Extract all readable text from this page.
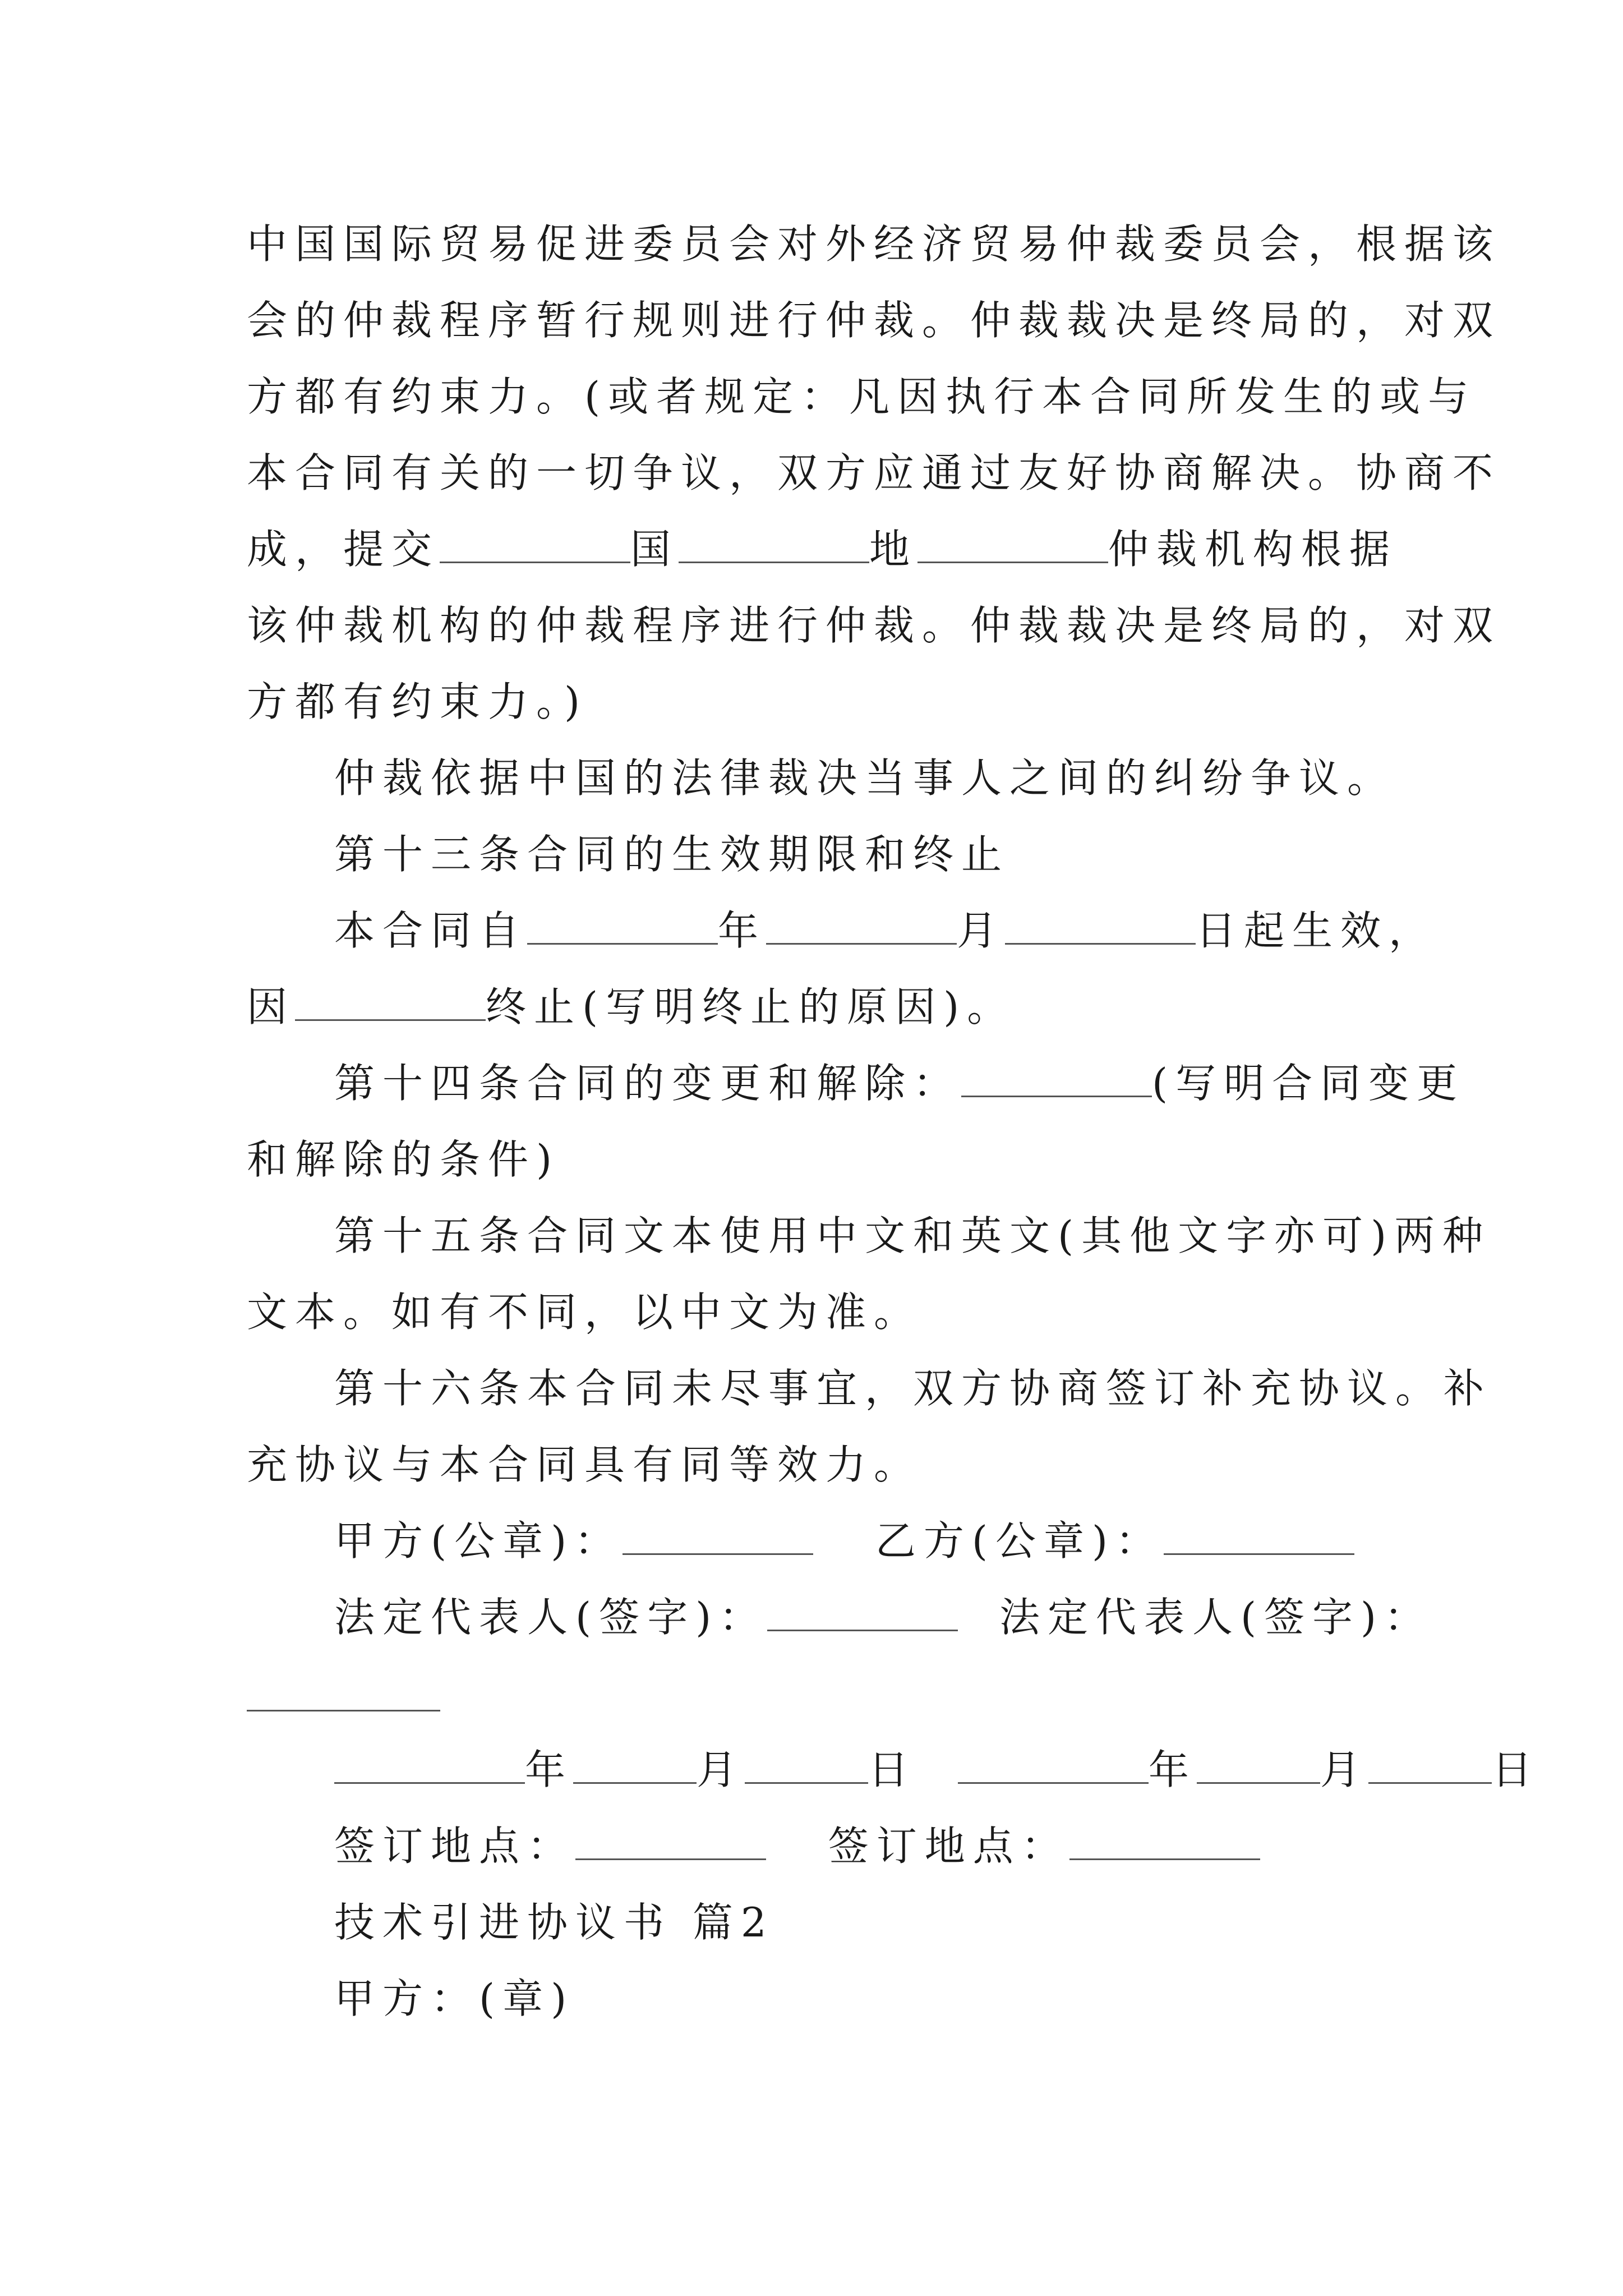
中国国际贸易促进委员会对外经济贸易仲裁委员会，根据该
会的仲裁程序暂行规则进行仲裁。仲裁裁决是终局的，对双
方都有约束力。(或者规定：凡因执行本合同所发生的或与
本合同有关的一切争议，双方应通过友好协商解决。协商不
成，提交	国	地	仲裁机构根据
该仲裁机构的仲裁程序进行仲裁。仲裁裁决是终局的，对双
方都有约束力。)
仲裁依据中国的法律裁决当事人之间的纠纷争议。
第十三条合同的生效期限和终止
本合同自	年	月	日起生效，
因	终止(写明终止的原因)。
第十四条合同的变更和解除：	(写明合同变更
和解除的条件)
第十五条合同文本使用中文和英文(其他文字亦可)两种
文本。如有不同，以中文为准。
第十六条本合同未尽事宜，双方协商签订补充协议。补
充协议与本合同具有同等效力。
甲方(公章)：	乙方(公章)：
法定代表人(签字)：	法定代表人(签字)：
年	月	日	年	月	日
签订地点：	签订地点：
技术引进协议书 篇2
甲方：(章)
